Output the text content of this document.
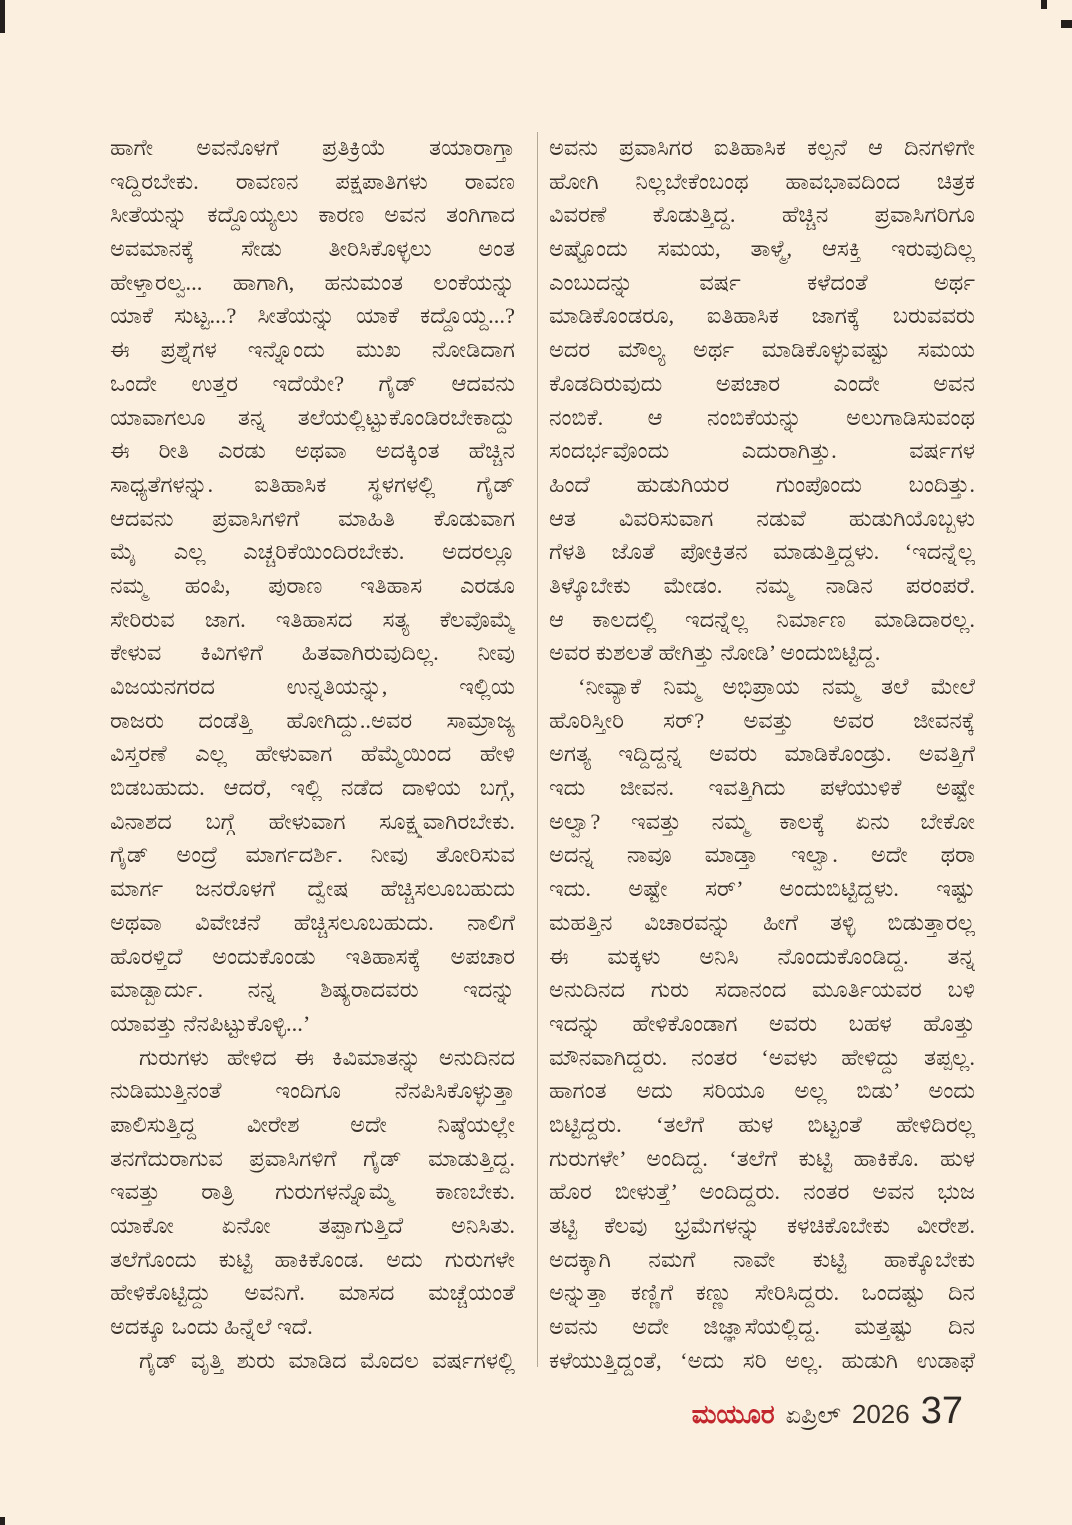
ಹಾಗೇ ಅವನೊಳಗೆ ಪ್ರತಿಕ್ರಿಯೆ ತಯಾರಾಗ್ತಾ
ಇದ್ದಿರಬೇಕು. ರಾವಣನ ಪಕ್ಷಪಾತಿಗಳು ರಾವಣ
ಸೀತೆಯನ್ನು ಕದ್ದೊಯ್ಯಲು ಕಾರಣ ಅವನ ತಂಗಿಗಾದ
ಅವಮಾನಕ್ಕೆ ಸೇಡು ತೀರಿಸಿಕೊಳ್ಳಲು ಅಂತ
ಹೇಳ್ತಾರಲ್ವ... ಹಾಗಾಗಿ, ಹನುಮಂತ ಲಂಕೆಯನ್ನು
ಯಾಕೆ ಸುಟ್ಟ...? ಸೀತೆಯನ್ನು ಯಾಕೆ ಕದ್ದೊಯ್ದ...?
ಈ ಪ್ರಶ್ನೆಗಳ ಇನ್ನೊಂದು ಮುಖ ನೋಡಿದಾಗ
ಒಂದೇ ಉತ್ತರ ಇದೆಯೇ? ಗೈಡ್ ಆದವನು
ಯಾವಾಗಲೂ ತನ್ನ ತಲೆಯಲ್ಲಿಟ್ಟುಕೊಂಡಿರಬೇಕಾದ್ದು
ಈ ರೀತಿ ಎರಡು ಅಥವಾ ಅದಕ್ಕಿಂತ ಹೆಚ್ಚಿನ
ಸಾಧ್ಯತೆಗಳನ್ನು. ಐತಿಹಾಸಿಕ ಸ್ಥಳಗಳಲ್ಲಿ ಗೈಡ್
ಆದವನು ಪ್ರವಾಸಿಗಳಿಗೆ ಮಾಹಿತಿ ಕೊಡುವಾಗ
ಮೈ ಎಲ್ಲ ಎಚ್ಚರಿಕೆಯಿಂದಿರಬೇಕು. ಅದರಲ್ಲೂ
ನಮ್ಮ ಹಂಪಿ, ಪುರಾಣ ಇತಿಹಾಸ ಎರಡೂ
ಸೇರಿರುವ ಜಾಗ. ಇತಿಹಾಸದ ಸತ್ಯ ಕೆಲವೊಮ್ಮೆ
ಕೇಳುವ ಕಿವಿಗಳಿಗೆ ಹಿತವಾಗಿರುವುದಿಲ್ಲ. ನೀವು
ವಿಜಯನಗರದ ಉನ್ನತಿಯನ್ನು, ಇಲ್ಲಿಯ
ರಾಜರು ದಂಡೆತ್ತಿ ಹೋಗಿದ್ದು..ಅವರ ಸಾಮ್ರಾಜ್ಯ
ವಿಸ್ತರಣೆ ಎಲ್ಲ ಹೇಳುವಾಗ ಹೆಮ್ಮೆಯಿಂದ ಹೇಳಿ
ಬಿಡಬಹುದು. ಆದರೆ, ಇಲ್ಲಿ ನಡೆದ ದಾಳಿಯ ಬಗ್ಗೆ,
ವಿನಾಶದ ಬಗ್ಗೆ ಹೇಳುವಾಗ ಸೂಕ್ಷ್ಮವಾಗಿರಬೇಕು.
ಗೈಡ್ ಅಂದ್ರೆ ಮಾರ್ಗದರ್ಶಿ. ನೀವು ತೋರಿಸುವ
ಮಾರ್ಗ ಜನರೊಳಗೆ ದ್ವೇಷ ಹೆಚ್ಚಿಸಲೂಬಹುದು
ಅಥವಾ ವಿವೇಚನೆ ಹೆಚ್ಚಿಸಲೂಬಹುದು. ನಾಲಿಗೆ
ಹೊರಳ್ತಿದೆ ಅಂದುಕೊಂಡು ಇತಿಹಾಸಕ್ಕೆ ಅಪಚಾರ
ಮಾಡ್ಬಾರ್ದು. ನನ್ನ ಶಿಷ್ಯರಾದವರು ಇದನ್ನು
ಯಾವತ್ತು ನೆನಪಿಟ್ಟುಕೊಳ್ಳಿ...’
ಗುರುಗಳು ಹೇಳಿದ ಈ ಕಿವಿಮಾತನ್ನು ಅನುದಿನದ
ನುಡಿಮುತ್ತಿನಂತೆ ಇಂದಿಗೂ ನೆನಪಿಸಿಕೊಳ್ಳುತ್ತಾ
ಪಾಲಿಸುತ್ತಿದ್ದ ವೀರೇಶ ಅದೇ ನಿಷ್ಠೆಯಲ್ಲೇ
ತನಗೆದುರಾಗುವ ಪ್ರವಾಸಿಗಳಿಗೆ ಗೈಡ್ ಮಾಡುತ್ತಿದ್ದ.
ಇವತ್ತು ರಾತ್ರಿ ಗುರುಗಳನ್ನೊಮ್ಮೆ ಕಾಣಬೇಕು.
ಯಾಕೋ ಏನೋ ತಪ್ಪಾಗುತ್ತಿದೆ ಅನಿಸಿತು.
ತಲೆಗೊಂದು ಕುಟ್ಟಿ ಹಾಕಿಕೊಂಡ. ಅದು ಗುರುಗಳೇ
ಹೇಳಿಕೊಟ್ಟಿದ್ದು ಅವನಿಗೆ. ಮಾಸದ ಮಚ್ಚೆಯಂತೆ
ಅದಕ್ಕೂ ಒಂದು ಹಿನ್ನೆಲೆ ಇದೆ.
ಗೈಡ್ ವೃತ್ತಿ ಶುರು ಮಾಡಿದ ಮೊದಲ ವರ್ಷಗಳಲ್ಲಿ
ಅವನು ಪ್ರವಾಸಿಗರ ಐತಿಹಾಸಿಕ ಕಲ್ಪನೆ ಆ ದಿನಗಳಿಗೇ
ಹೋಗಿ ನಿಲ್ಲಬೇಕೆಂಬಂಥ ಹಾವಭಾವದಿಂದ ಚಿತ್ರಕ
ವಿವರಣೆ ಕೊಡುತ್ತಿದ್ದ. ಹೆಚ್ಚಿನ ಪ್ರವಾಸಿಗರಿಗೂ
ಅಷ್ಟೊಂದು ಸಮಯ, ತಾಳ್ಮೆ, ಆಸಕ್ತಿ ಇರುವುದಿಲ್ಲ
ಎಂಬುದನ್ನು ವರ್ಷ ಕಳೆದಂತೆ ಅರ್ಥ
ಮಾಡಿಕೊಂಡರೂ, ಐತಿಹಾಸಿಕ ಜಾಗಕ್ಕೆ ಬರುವವರು
ಅದರ ಮೌಲ್ಯ ಅರ್ಥ ಮಾಡಿಕೊಳ್ಳುವಷ್ಟು ಸಮಯ
ಕೊಡದಿರುವುದು ಅಪಚಾರ ಎಂದೇ ಅವನ
ನಂಬಿಕೆ. ಆ ನಂಬಿಕೆಯನ್ನು ಅಲುಗಾಡಿಸುವಂಥ
ಸಂದರ್ಭವೊಂದು ಎದುರಾಗಿತ್ತು. ವರ್ಷಗಳ
ಹಿಂದೆ ಹುಡುಗಿಯರ ಗುಂಪೊಂದು ಬಂದಿತ್ತು.
ಆತ ವಿವರಿಸುವಾಗ ನಡುವೆ ಹುಡುಗಿಯೊಬ್ಬಳು
ಗೆಳತಿ ಜೊತೆ ಪೋಕ್ರಿತನ ಮಾಡುತ್ತಿದ್ದಳು. ‘ಇದನ್ನೆಲ್ಲ
ತಿಳ್ಕೊಬೇಕು ಮೇಡಂ. ನಮ್ಮ ನಾಡಿನ ಪರಂಪರೆ.
ಆ ಕಾಲದಲ್ಲಿ ಇದನ್ನೆಲ್ಲ ನಿರ್ಮಾಣ ಮಾಡಿದಾರಲ್ಲ.
ಅವರ ಕುಶಲತೆ ಹೇಗಿತ್ತು ನೋಡಿ’ ಅಂದುಬಿಟ್ಟಿದ್ದ.
‘ನೀವ್ಯಾಕೆ ನಿಮ್ಮ ಅಭಿಪ್ರಾಯ ನಮ್ಮ ತಲೆ ಮೇಲೆ
ಹೊರಿಸ್ತೀರಿ ಸರ್? ಅವತ್ತು ಅವರ ಜೀವನಕ್ಕೆ
ಅಗತ್ಯ ಇದ್ದಿದ್ದನ್ನ ಅವರು ಮಾಡಿಕೊಂಡ್ರು. ಅವತ್ತಿಗೆ
ಇದು ಜೀವನ. ಇವತ್ತಿಗಿದು ಪಳೆಯುಳಿಕೆ ಅಷ್ಟೇ
ಅಲ್ವಾ? ಇವತ್ತು ನಮ್ಮ ಕಾಲಕ್ಕೆ ಏನು ಬೇಕೋ
ಅದನ್ನ ನಾವೂ ಮಾಡ್ತಾ ಇಲ್ವಾ. ಅದೇ ಥರಾ
ಇದು. ಅಷ್ಟೇ ಸರ್’ ಅಂದುಬಿಟ್ಟಿದ್ದಳು. ಇಷ್ಟು
ಮಹತ್ತಿನ ವಿಚಾರವನ್ನು ಹೀಗೆ ತಳ್ಳಿ ಬಿಡುತ್ತಾರಲ್ಲ
ಈ ಮಕ್ಕಳು ಅನಿಸಿ ನೊಂದುಕೊಂಡಿದ್ದ. ತನ್ನ
ಅನುದಿನದ ಗುರು ಸದಾನಂದ ಮೂರ್ತಿಯವರ ಬಳಿ
ಇದನ್ನು ಹೇಳಿಕೊಂಡಾಗ ಅವರು ಬಹಳ ಹೊತ್ತು
ಮೌನವಾಗಿದ್ದರು. ನಂತರ ‘ಅವಳು ಹೇಳಿದ್ದು ತಪ್ಪಲ್ಲ.
ಹಾಗಂತ ಅದು ಸರಿಯೂ ಅಲ್ಲ ಬಿಡು’ ಅಂದು
ಬಿಟ್ಟಿದ್ದರು. ‘ತಲೆಗೆ ಹುಳ ಬಿಟ್ಟಂತೆ ಹೇಳಿದಿರಲ್ಲ
ಗುರುಗಳೇ’ ಅಂದಿದ್ದ. ‘ತಲೆಗೆ ಕುಟ್ಟಿ ಹಾಕಿಕೊ. ಹುಳ
ಹೊರ ಬೀಳುತ್ತೆ’ ಅಂದಿದ್ದರು. ನಂತರ ಅವನ ಭುಜ
ತಟ್ಟಿ ಕೆಲವು ಭ್ರಮೆಗಳನ್ನು ಕಳಚಿಕೊಬೇಕು ವೀರೇಶ.
ಅದಕ್ಕಾಗಿ ನಮಗೆ ನಾವೇ ಕುಟ್ಟಿ ಹಾಕ್ಕೊಬೇಕು
ಅನ್ನುತ್ತಾ ಕಣ್ಣಿಗೆ ಕಣ್ಣು ಸೇರಿಸಿದ್ದರು. ಒಂದಷ್ಟು ದಿನ
ಅವನು ಅದೇ ಜಿಜ್ಞಾಸೆಯಲ್ಲಿದ್ದ. ಮತ್ತಷ್ಟು ದಿನ
ಕಳೆಯುತ್ತಿದ್ದಂತೆ, ‘ಅದು ಸರಿ ಅಲ್ಲ. ಹುಡುಗಿ ಉಡಾಫೆ
ಮಯೂರ ಏಪ್ರಿಲ್ 2026 37
